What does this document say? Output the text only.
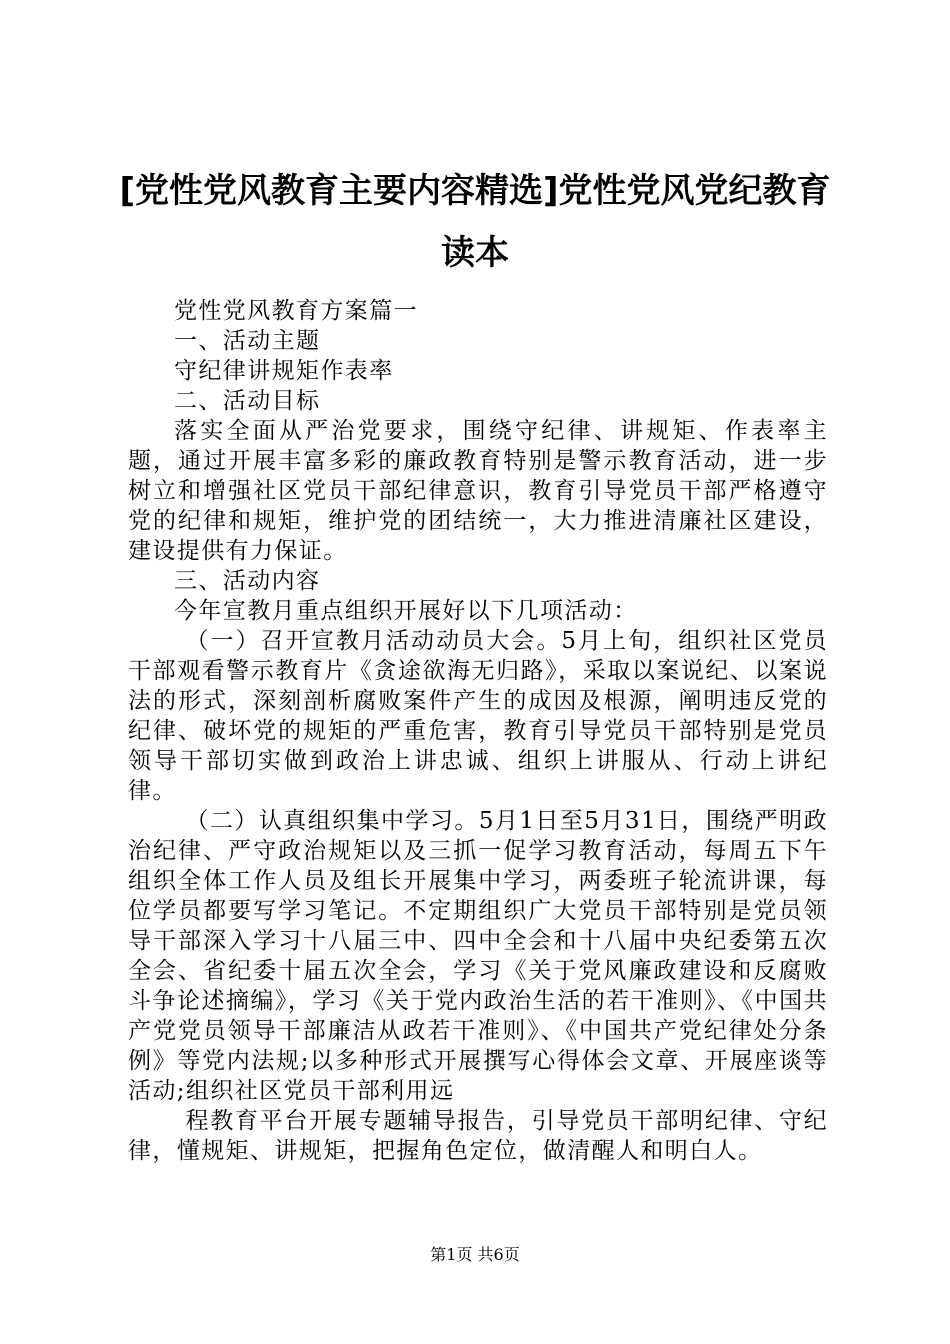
[党性党风教育主要内容精选]党性党风党纪教育读本

党性党风教育方案篇一

一、活动主题

守纪律讲规矩作表率

二、活动目标

落实全面从严治党要求，围绕守纪律、讲规矩、作表率主题，通过开展丰富多彩的廉政教育特别是警示教育活动，进一步树立和增强社区党员干部纪律意识，教育引导党员干部严格遵守党的纪律和规矩，维护党的团结统一，大力推进清廉社区建设，建设提供有力保证。

三、活动内容

今年宣教月重点组织开展好以下几项活动：

（一）召开宣教月活动动员大会。5月上旬，组织社区党员干部观看警示教育片《贪途欲海无归路》，采取以案说纪、以案说法的形式，深刻剖析腐败案件产生的成因及根源，阐明违反党的纪律、破坏党的规矩的严重危害，教育引导党员干部特别是党员领导干部切实做到政治上讲忠诚、组织上讲服从、行动上讲纪律。

（二）认真组织集中学习。5月1日至5月31日，围绕严明政治纪律、严守政治规矩以及三抓一促学习教育活动，每周五下午组织全体工作人员及组长开展集中学习，两委班子轮流讲课，每位学员都要写学习笔记。不定期组织广大党员干部特别是党员领导干部深入学习十八届三中、四中全会和十八届中央纪委第五次全会、省纪委十届五次全会，学习《关于党风廉政建设和反腐败斗争论述摘编》，学习《关于党内政治生活的若干准则》、《中国共产党党员领导干部廉洁从政若干准则》、《中国共产党纪律处分条例》等党内法规;以多种形式开展撰写心得体会文章、开展座谈等活动;组织社区党员干部利用远

程教育平台开展专题辅导报告，引导党员干部明纪律、守纪律，懂规矩、讲规矩，把握角色定位，做清醒人和明白人。

第1页 共6页
